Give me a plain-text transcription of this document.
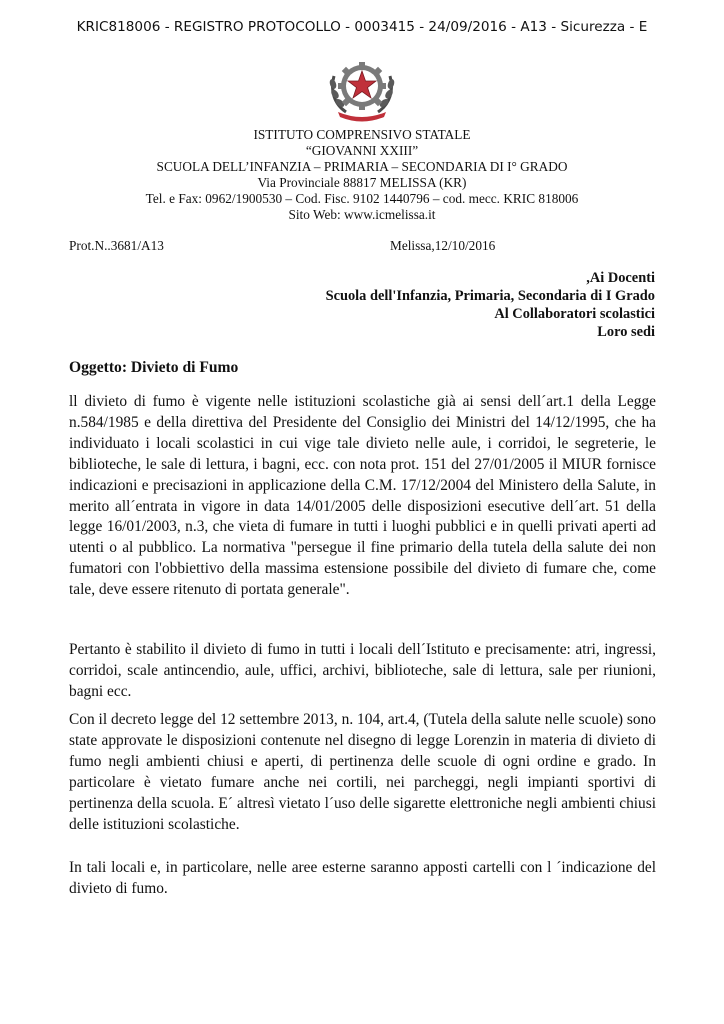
KRIC818006 - REGISTRO PROTOCOLLO - 0003415 - 24/09/2016 - A13 - Sicurezza - E
ISTITUTO COMPRENSIVO STATALE
“GIOVANNI XXIII”
SCUOLA DELL’INFANZIA – PRIMARIA – SECONDARIA DI I° GRADO
Via Provinciale 88817 MELISSA (KR)
Tel. e Fax: 0962/1900530 – Cod. Fisc. 9102 1440796 – cod. mecc. KRIC 818006
Sito Web: www.icmelissa.it
Prot.N..3681/A13	Melissa,12/10/2016
,Ai Docenti
Scuola dell'Infanzia, Primaria, Secondaria di I Grado
Al Collaboratori scolastici
Loro sedi
Oggetto: Divieto di Fumo

ll divieto di fumo è vigente nelle istituzioni scolastiche già ai sensi dell´art.1 della Legge n.584/1985 e della direttiva del Presidente del Consiglio dei Ministri del 14/12/1995, che ha individuato i locali scolastici in cui vige tale divieto nelle aule, i corridoi, le segreterie, le biblioteche, le sale di lettura, i bagni, ecc. con nota prot. 151 del 27/01/2005 il MIUR fornisce indicazioni e precisazioni in applicazione della C.M. 17/12/2004 del Ministero della Salute, in merito all´entrata in vigore in data 14/01/2005 delle disposizioni esecutive dell´art. 51 della legge 16/01/2003, n.3, che vieta di fumare in tutti i luoghi pubblici e in quelli privati aperti ad utenti o al pubblico. La normativa "persegue il fine primario della tutela della salute dei non fumatori con l'obbiettivo della massima estensione possibile del divieto di fumare che, come tale, deve essere ritenuto di portata generale".

Pertanto è stabilito il divieto di fumo in tutti i locali dell´Istituto e precisamente: atri, ingressi, corridoi, scale antincendio, aule, uffici, archivi, biblioteche, sale di lettura, sale per riunioni, bagni ecc.

Con il decreto legge del 12 settembre 2013, n. 104, art.4, (Tutela della salute nelle scuole) sono state approvate le disposizioni contenute nel disegno di legge Lorenzin in materia di divieto di fumo negli ambienti chiusi e aperti, di pertinenza delle scuole di ogni ordine e grado. In particolare è vietato fumare anche nei cortili, nei parcheggi, negli impianti sportivi di pertinenza della scuola. E´ altresì vietato l´uso delle sigarette elettroniche negli ambienti chiusi delle istituzioni scolastiche.

In tali locali e, in particolare, nelle aree esterne saranno apposti cartelli con l ´indicazione del divieto di fumo.
